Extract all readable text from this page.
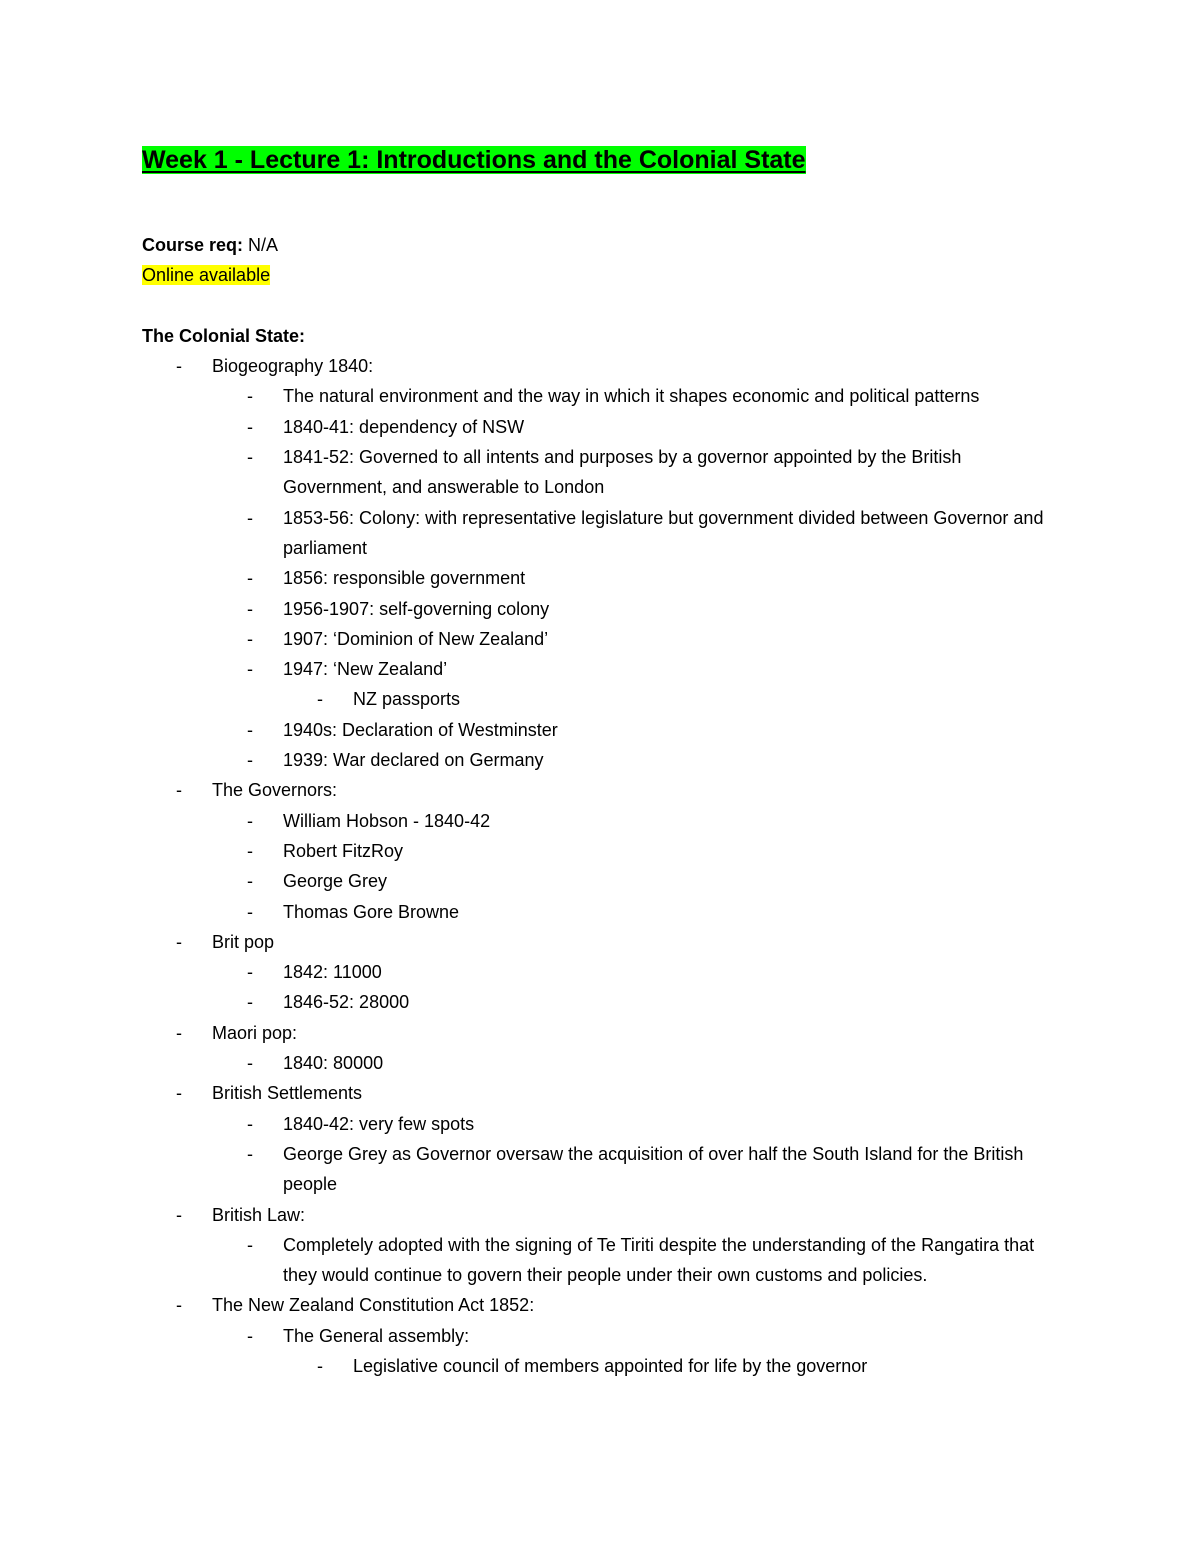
Week 1 - Lecture 1: Introductions and the Colonial State
Course req: N/A
Online available
The Colonial State:
- Biogeography 1840:
- The natural environment and the way in which it shapes economic and political patterns
- 1840-41: dependency of NSW
- 1841-52: Governed to all intents and purposes by a governor appointed by the British Government, and answerable to London
- 1853-56: Colony: with representative legislature but government divided between Governor and parliament
- 1856: responsible government
- 1956-1907: self-governing colony
- 1907: ‘Dominion of New Zealand’
- 1947: ‘New Zealand’
- NZ passports
- 1940s: Declaration of Westminster
- 1939: War declared on Germany
- The Governors:
- William Hobson - 1840-42
- Robert FitzRoy
- George Grey
- Thomas Gore Browne
- Brit pop
- 1842: 11000
- 1846-52: 28000
- Maori pop:
- 1840: 80000
- British Settlements
- 1840-42: very few spots
- George Grey as Governor oversaw the acquisition of over half the South Island for the British people
- British Law:
- Completely adopted with the signing of Te Tiriti despite the understanding of the Rangatira that they would continue to govern their people under their own customs and policies.
- The New Zealand Constitution Act 1852:
- The General assembly:
- Legislative council of members appointed for life by the governor
